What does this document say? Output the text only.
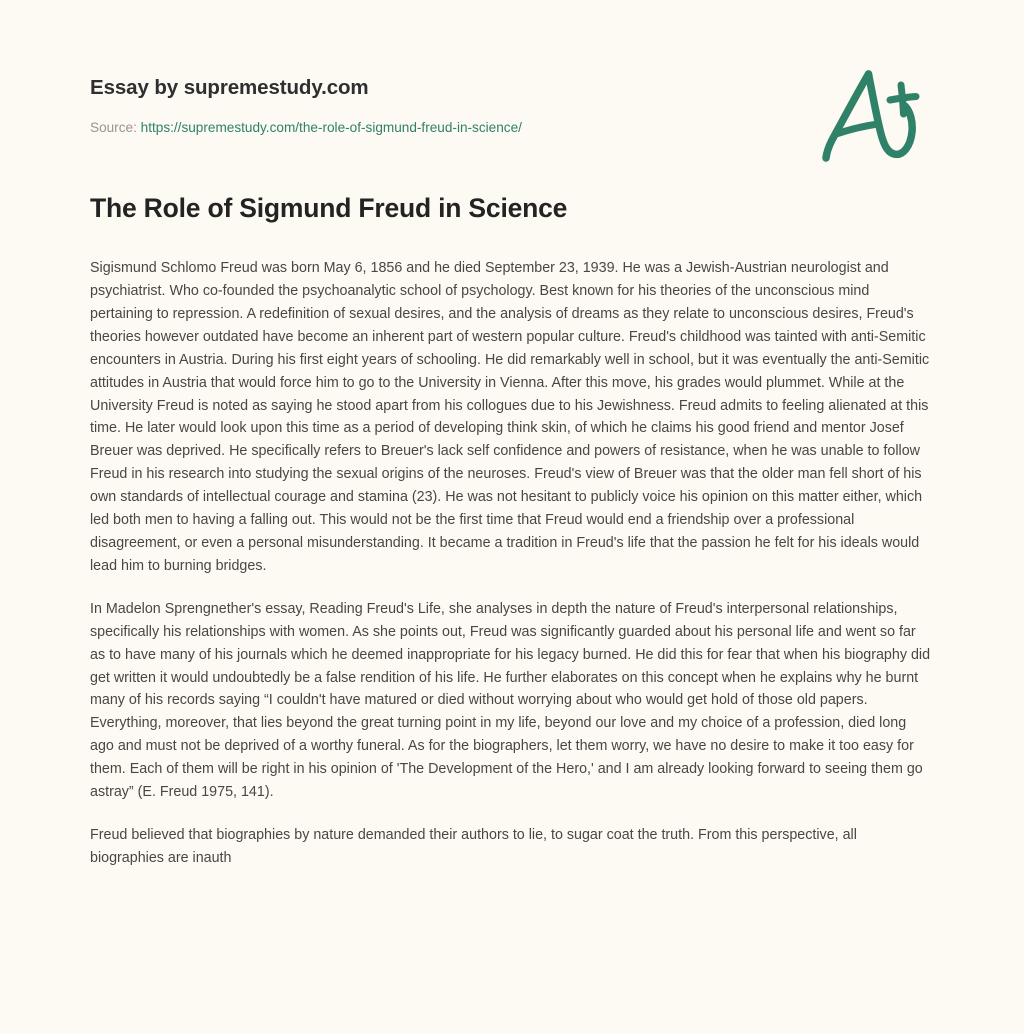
Essay by supremestudy.com
Source: https://supremestudy.com/the-role-of-sigmund-freud-in-science/
The Role of Sigmund Freud in Science

Sigismund Schlomo Freud was born May 6, 1856 and he died September 23, 1939. He was a Jewish-Austrian neurologist and psychiatrist. Who co-founded the psychoanalytic school of psychology. Best known for his theories of the unconscious mind pertaining to repression. A redefinition of sexual desires, and the analysis of dreams as they relate to unconscious desires, Freud's theories however outdated have become an inherent part of western popular culture. Freud's childhood was tainted with anti-Semitic encounters in Austria. During his first eight years of schooling. He did remarkably well in school, but it was eventually the anti-Semitic attitudes in Austria that would force him to go to the University in Vienna. After this move, his grades would plummet. While at the University Freud is noted as saying he stood apart from his collogues due to his Jewishness. Freud admits to feeling alienated at this time. He later would look upon this time as a period of developing think skin, of which he claims his good friend and mentor Josef Breuer was deprived. He specifically refers to Breuer's lack self confidence and powers of resistance, when he was unable to follow Freud in his research into studying the sexual origins of the neuroses. Freud's view of Breuer was that the older man fell short of his own standards of intellectual courage and stamina (23). He was not hesitant to publicly voice his opinion on this matter either, which led both men to having a falling out. This would not be the first time that Freud would end a friendship over a professional disagreement, or even a personal misunderstanding. It became a tradition in Freud's life that the passion he felt for his ideals would lead him to burning bridges.

In Madelon Sprengnether's essay, Reading Freud's Life, she analyses in depth the nature of Freud's interpersonal relationships, specifically his relationships with women. As she points out, Freud was significantly guarded about his personal life and went so far as to have many of his journals which he deemed inappropriate for his legacy burned. He did this for fear that when his biography did get written it would undoubtedly be a false rendition of his life. He further elaborates on this concept when he explains why he burnt many of his records saying “I couldn't have matured or died without worrying about who would get hold of those old papers. Everything, moreover, that lies beyond the great turning point in my life, beyond our love and my choice of a profession, died long ago and must not be deprived of a worthy funeral. As for the biographers, let them worry, we have no desire to make it too easy for them. Each of them will be right in his opinion of 'The Development of the Hero,' and I am already looking forward to seeing them go astray” (E. Freud 1975, 141).

Freud believed that biographies by nature demanded their authors to lie, to sugar coat the truth. From this perspective, all biographies are inauth
